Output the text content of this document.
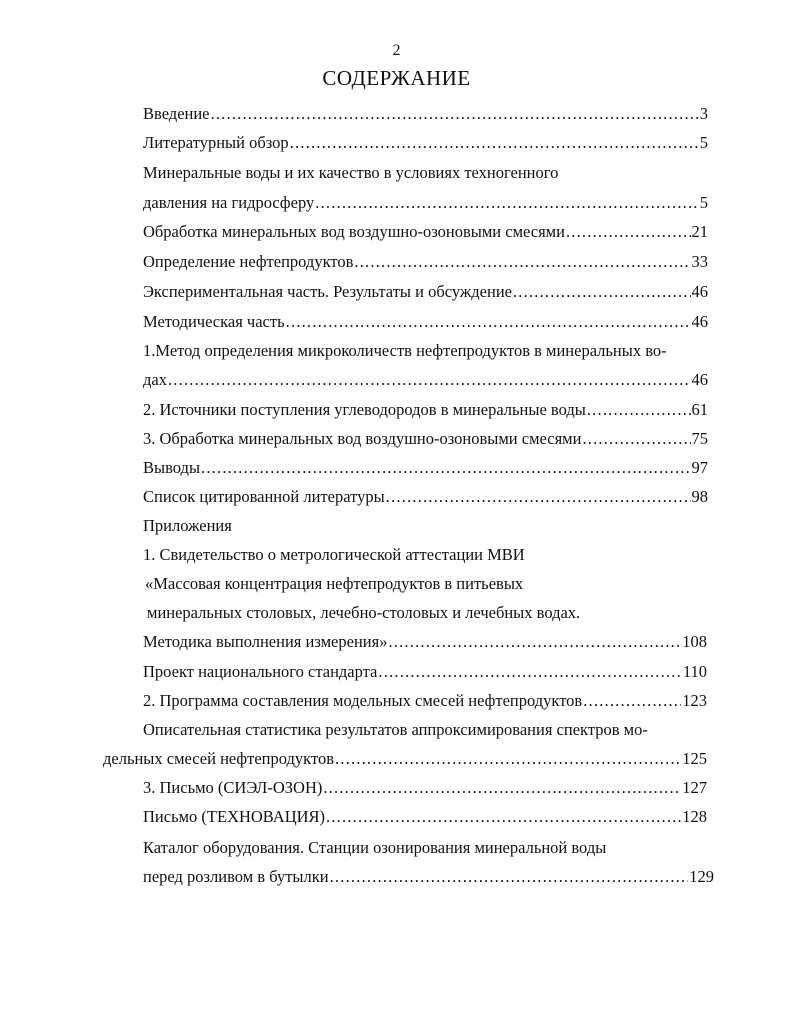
2
СОДЕРЖАНИЕ
Введение .....	3
Литературный обзор .....	5
Минеральные воды и их качество в условиях техногенного
давления на гидросферу .....	5
Обработка минеральных вод воздушно-озоновыми смесями .....	21
Определение нефтепродуктов .....	33
Экспериментальная часть. Результаты и обсуждение .....	46
Методическая часть .....	46
1.Метод определения микроколичеств нефтепродуктов в минеральных во-
дах .....	46
2. Источники поступления углеводородов в минеральные воды .....	61
3. Обработка минеральных вод воздушно-озоновыми смесями .....	75
Выводы .....	97
Список цитированной литературы .....	98
Приложения
1. Свидетельство о метрологической аттестации МВИ
«Массовая концентрация нефтепродуктов в питьевых
минеральных столовых, лечебно-столовых и лечебных водах.
Методика выполнения измерения» .....	108
Проект национального стандарта .....	110
2. Программа составления модельных смесей нефтепродуктов .....	123
Описательная статистика результатов аппроксимирования спектров мо-
дельных смесей нефтепродуктов .....	125
3. Письмо (СИЭЛ-ОЗОН) .....	127
Письмо (ТЕХНОВАЦИЯ) .....	128
Каталог оборудования. Станции озонирования минеральной воды
перед розливом в бутылки .....	129
